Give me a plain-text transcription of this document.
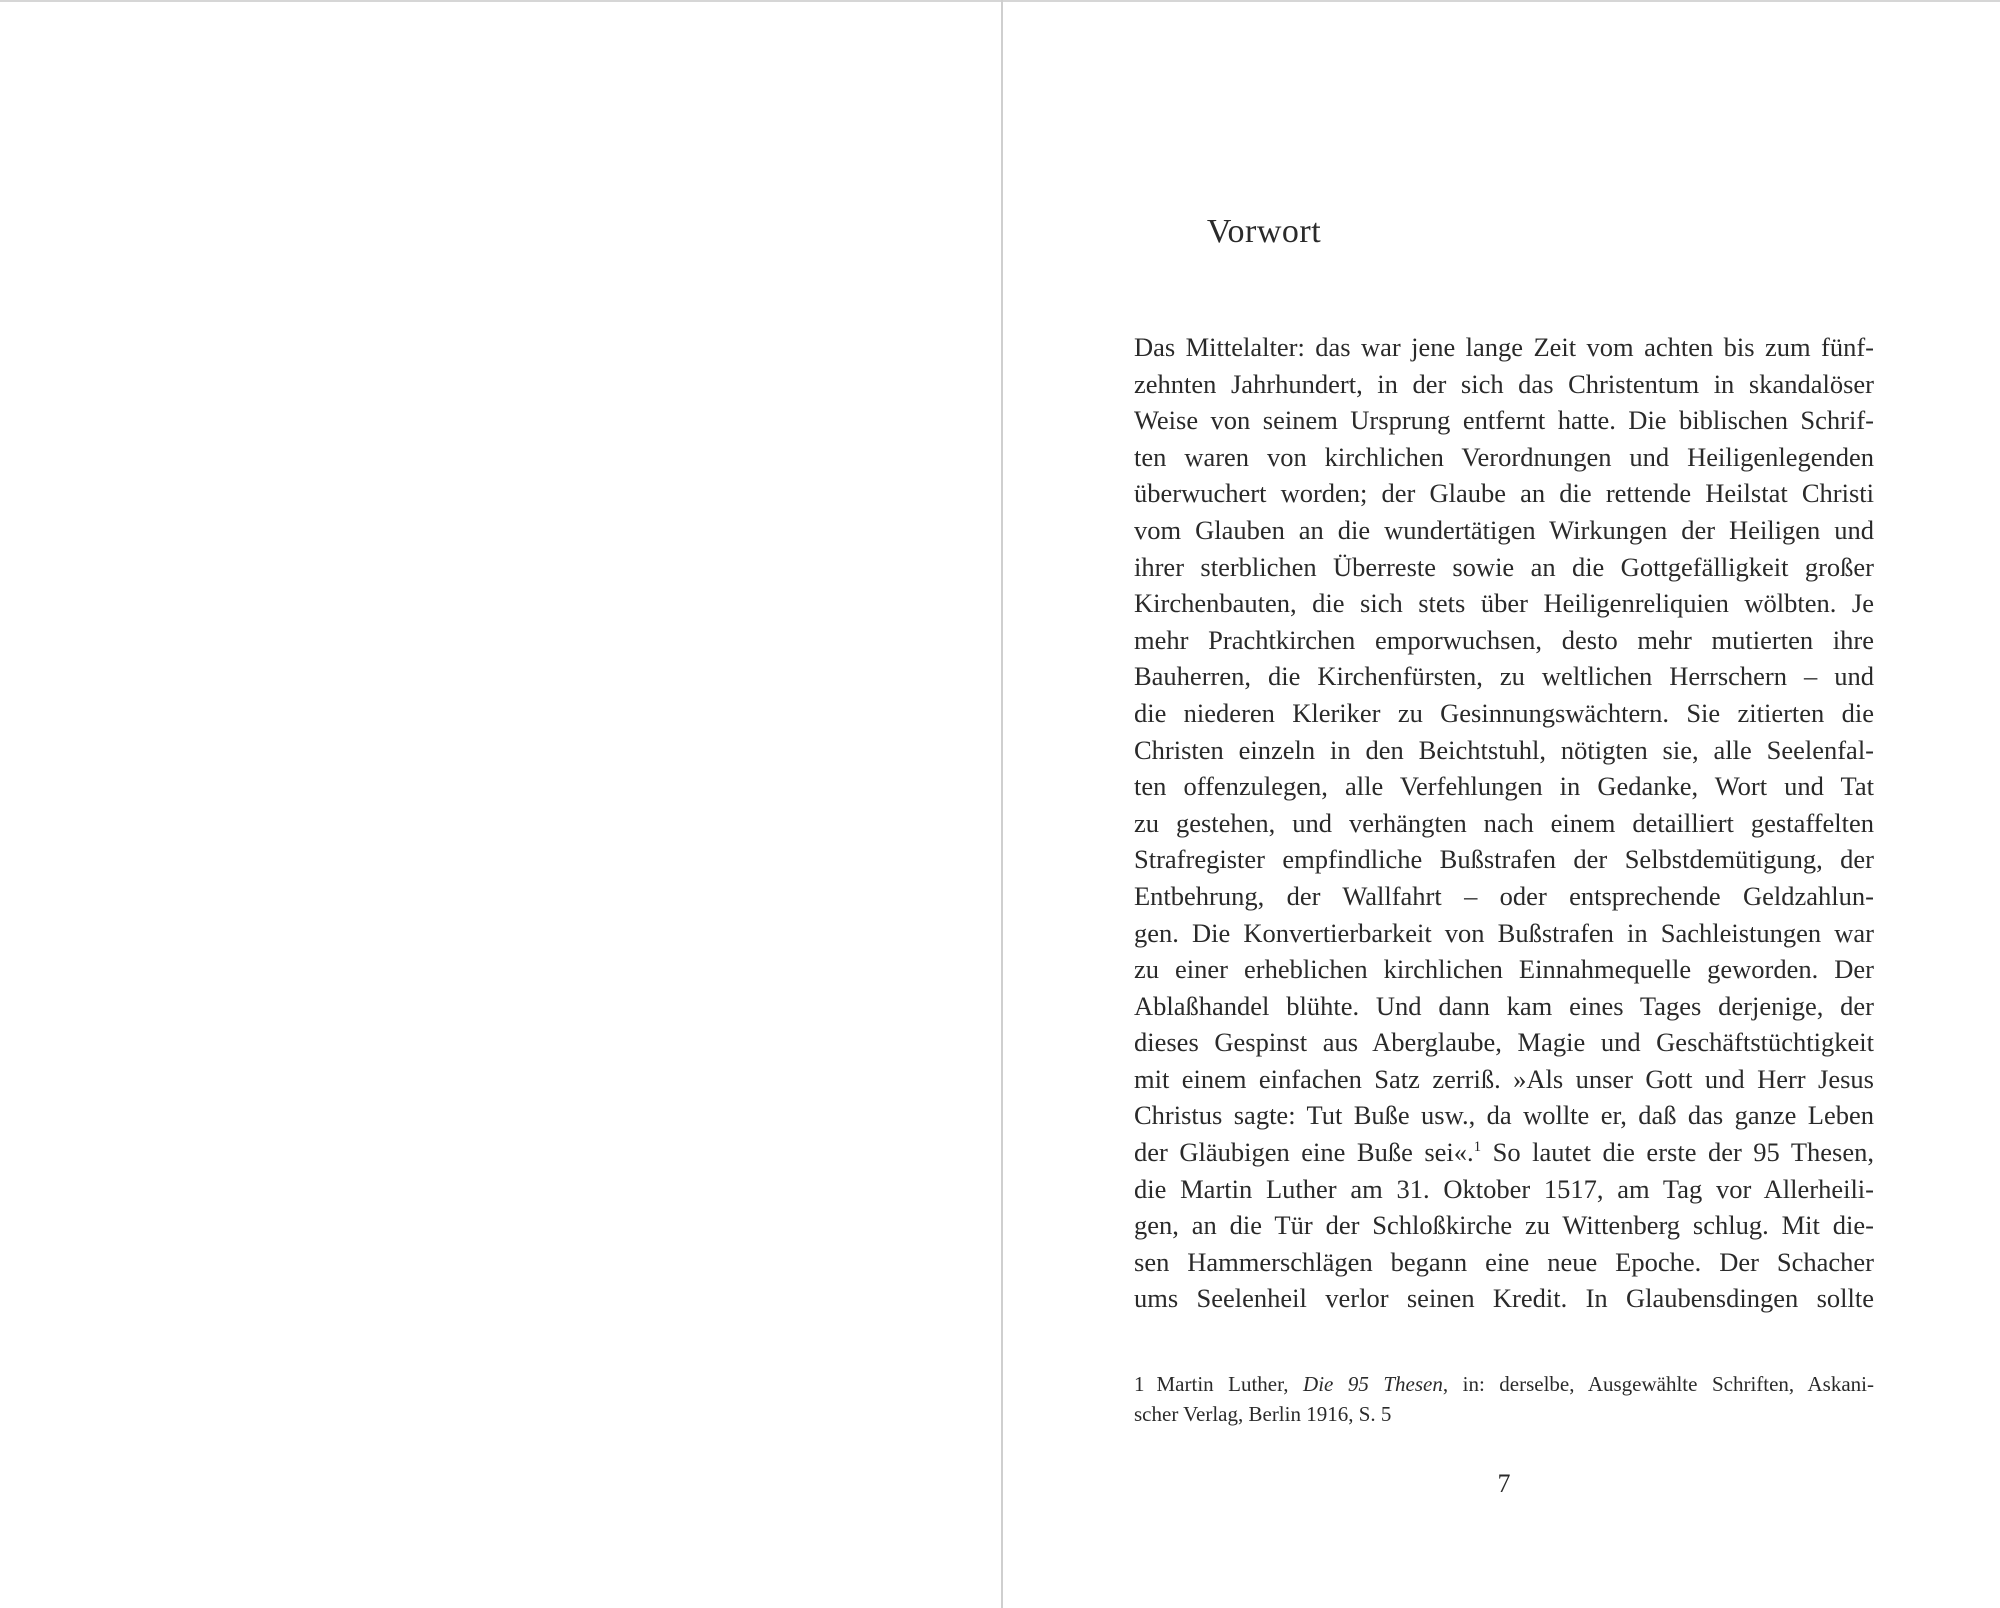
Vorwort
Das Mittelalter: das war jene lange Zeit vom achten bis zum fünf-
zehnten Jahrhundert, in der sich das Christentum in skandalöser
Weise von seinem Ursprung entfernt hatte. Die biblischen Schrif-
ten waren von kirchlichen Verordnungen und Heiligenlegenden
überwuchert worden; der Glaube an die rettende Heilstat Christi
vom Glauben an die wundertätigen Wirkungen der Heiligen und
ihrer sterblichen Überreste sowie an die Gottgefälligkeit großer
Kirchenbauten, die sich stets über Heiligenreliquien wölbten. Je
mehr Prachtkirchen emporwuchsen, desto mehr mutierten ihre
Bauherren, die Kirchenfürsten, zu weltlichen Herrschern – und
die niederen Kleriker zu Gesinnungswächtern. Sie zitierten die
Christen einzeln in den Beichtstuhl, nötigten sie, alle Seelenfal-
ten offenzulegen, alle Verfehlungen in Gedanke, Wort und Tat
zu gestehen, und verhängten nach einem detailliert gestaffelten
Strafregister empfindliche Bußstrafen der Selbstdemütigung, der
Entbehrung, der Wallfahrt – oder entsprechende Geldzahlun-
gen. Die Konvertierbarkeit von Bußstrafen in Sachleistungen war
zu einer erheblichen kirchlichen Einnahmequelle geworden. Der
Ablaßhandel blühte. Und dann kam eines Tages derjenige, der
dieses Gespinst aus Aberglaube, Magie und Geschäftstüchtigkeit
mit einem einfachen Satz zerriß. »Als unser Gott und Herr Jesus
Christus sagte: Tut Buße usw., da wollte er, daß das ganze Leben
der Gläubigen eine Buße sei«.$^1$ So lautet die erste der 95 Thesen,
die Martin Luther am 31. Oktober 1517, am Tag vor Allerheili-
gen, an die Tür der Schloßkirche zu Wittenberg schlug. Mit die-
sen Hammerschlägen begann eine neue Epoche. Der Schacher
ums Seelenheil verlor seinen Kredit. In Glaubensdingen sollte
1 Martin Luther, Die 95 Thesen, in: derselbe, Ausgewählte Schriften, Askani-
scher Verlag, Berlin 1916, S. 5
7
